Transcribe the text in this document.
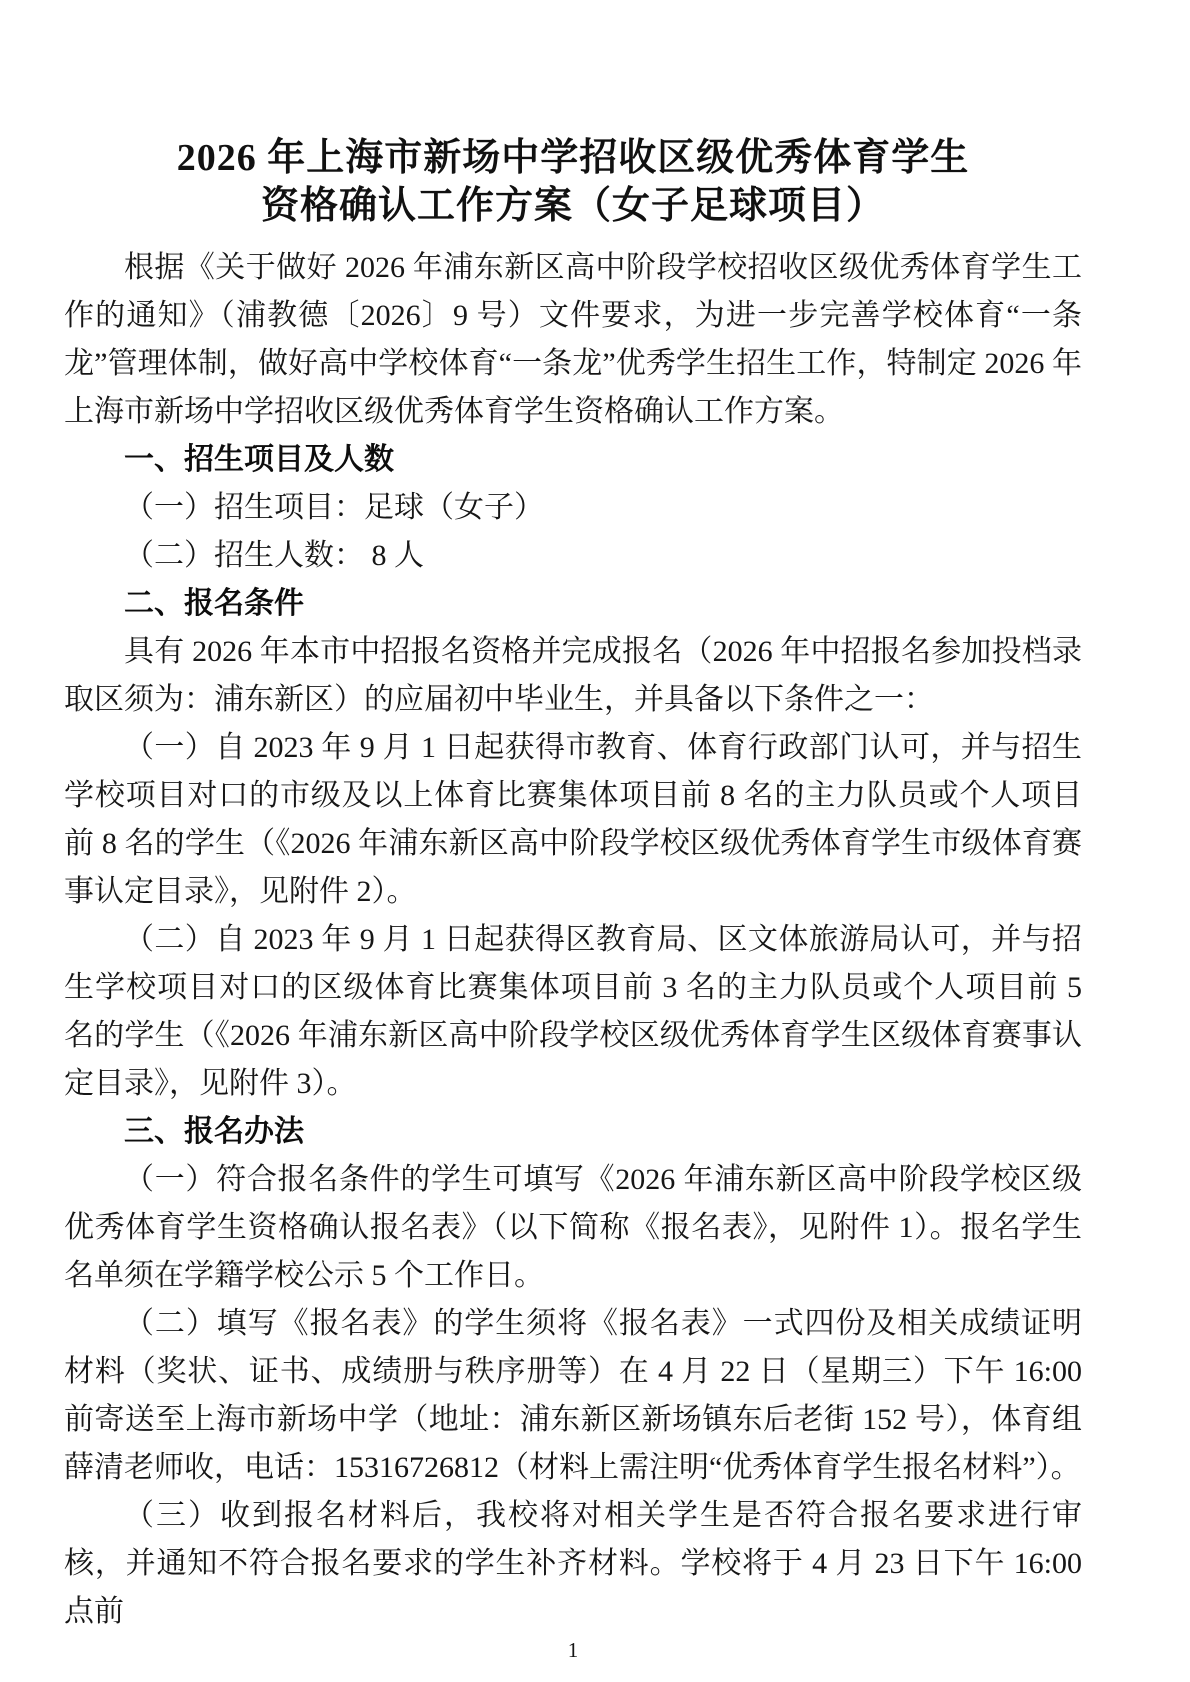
2026 年上海市新场中学招收区级优秀体育学生
资格确认工作方案（女子足球项目）

根据《关于做好 2026 年浦东新区高中阶段学校招收区级优秀体育学生工作的通知》（浦教德〔2026〕9 号）文件要求，为进一步完善学校体育“一条龙”管理体制，做好高中学校体育“一条龙”优秀学生招生工作，特制定 2026 年上海市新场中学招收区级优秀体育学生资格确认工作方案。

一、招生项目及人数

（一）招生项目：足球（女子）

（二）招生人数： 8 人

二、报名条件

具有 2026 年本市中招报名资格并完成报名（2026 年中招报名参加投档录取区须为：浦东新区）的应届初中毕业生，并具备以下条件之一：

（一）自 2023 年 9 月 1 日起获得市教育、体育行政部门认可，并与招生学校项目对口的市级及以上体育比赛集体项目前 8 名的主力队员或个人项目前 8 名的学生（《2026 年浦东新区高中阶段学校区级优秀体育学生市级体育赛事认定目录》，见附件 2）。

（二）自 2023 年 9 月 1 日起获得区教育局、区文体旅游局认可，并与招生学校项目对口的区级体育比赛集体项目前 3 名的主力队员或个人项目前 5 名的学生（《2026 年浦东新区高中阶段学校区级优秀体育学生区级体育赛事认定目录》，见附件 3）。

三、报名办法

（一）符合报名条件的学生可填写《2026 年浦东新区高中阶段学校区级优秀体育学生资格确认报名表》（以下简称《报名表》，见附件 1）。报名学生名单须在学籍学校公示 5 个工作日。

（二）填写《报名表》的学生须将《报名表》一式四份及相关成绩证明材料（奖状、证书、成绩册与秩序册等）在 4 月 22 日（星期三）下午 16:00 前寄送至上海市新场中学（地址：浦东新区新场镇东后老街 152 号），体育组 薛清老师收，电话：15316726812（材料上需注明“优秀体育学生报名材料”）。

（三）收到报名材料后，我校将对相关学生是否符合报名要求进行审核，并通知不符合报名要求的学生补齐材料。学校将于 4 月 23 日下午 16:00 点前

1
